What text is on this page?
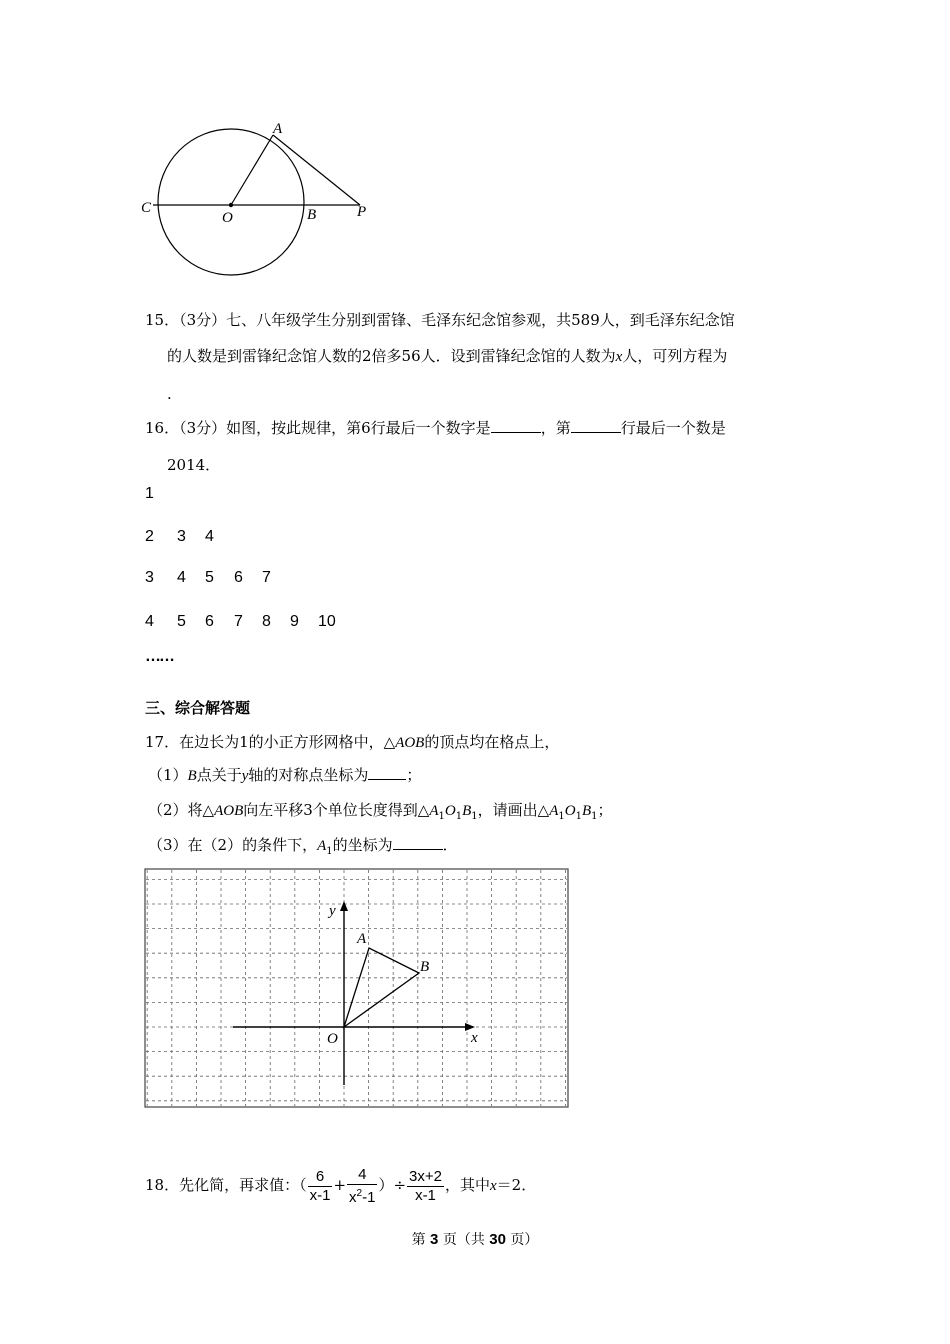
A
C
O	B	P
15．（3分）七、八年级学生分别到雷锋、毛泽东纪念馆参观，共589人，到毛泽东纪念馆
的人数是到雷锋纪念馆人数的2倍多56人．设到雷锋纪念馆的人数为x人，可列方程为
.
16．（3分）如图，按此规律，第6行最后一个数字是	，第	行最后一个数是
2014．
1
2 3 4
3 4 5 6 7
4 5 6 7 8 9 10
……
三、综合解答题
17．在边长为1的小正方形网格中，△AOB的顶点均在格点上，
（1）B点关于y轴的对称点坐标为	；
（2）将△AOB向左平移3个单位长度得到$\triangle A_1O_1B_1$，请画出$\triangle A_1O_1B_1$；
（3）在（2）的条件下，$A_1$的坐标为	．
y
x
A
B
O
18．先化简，再求值：（ $\frac{6}{x-1} + \frac{4}{x^2-1}$ ）÷ $\frac{3x+2}{x-1}$ ，其中x＝2．
第 3 页（共 30 页）
